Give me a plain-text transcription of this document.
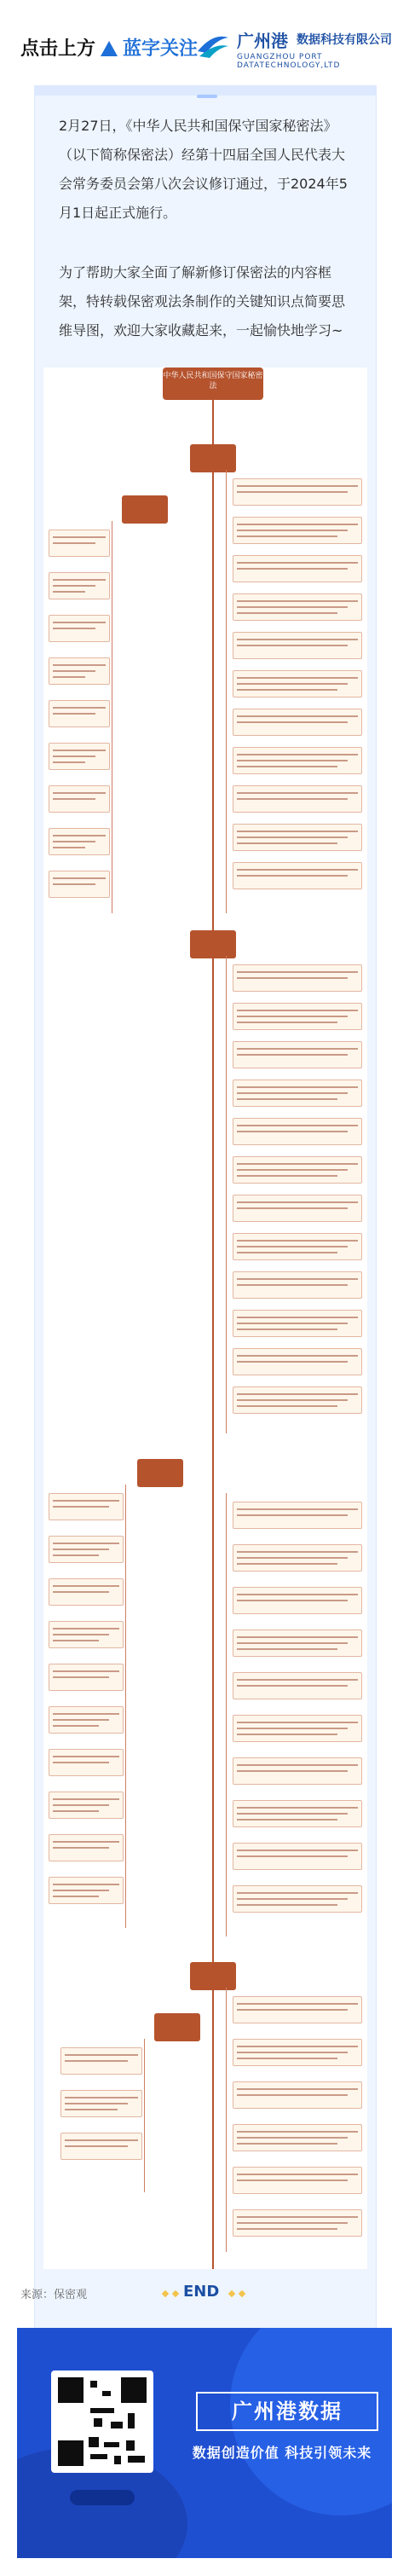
点击上方 蓝字关注 广州港 数据科技有限公司
GUANGZHOU PORT DATATECHNOLOGY,LTD

2月27日，《中华人民共和国保守国家秘密法》（以下简称保密法）经第十四届全国人民代表大会常务委员会第八次会议修订通过，于2024年5月1日起正式施行。

为了帮助大家全面了解新修订保密法的内容框架，特转载保密观法条制作的关键知识点简要思维导图，欢迎大家收藏起来，一起愉快地学习~

中华人民共和国保守国家秘密法
END
来源：保密观
广州港数据
数据创造价值 科技引领未来
